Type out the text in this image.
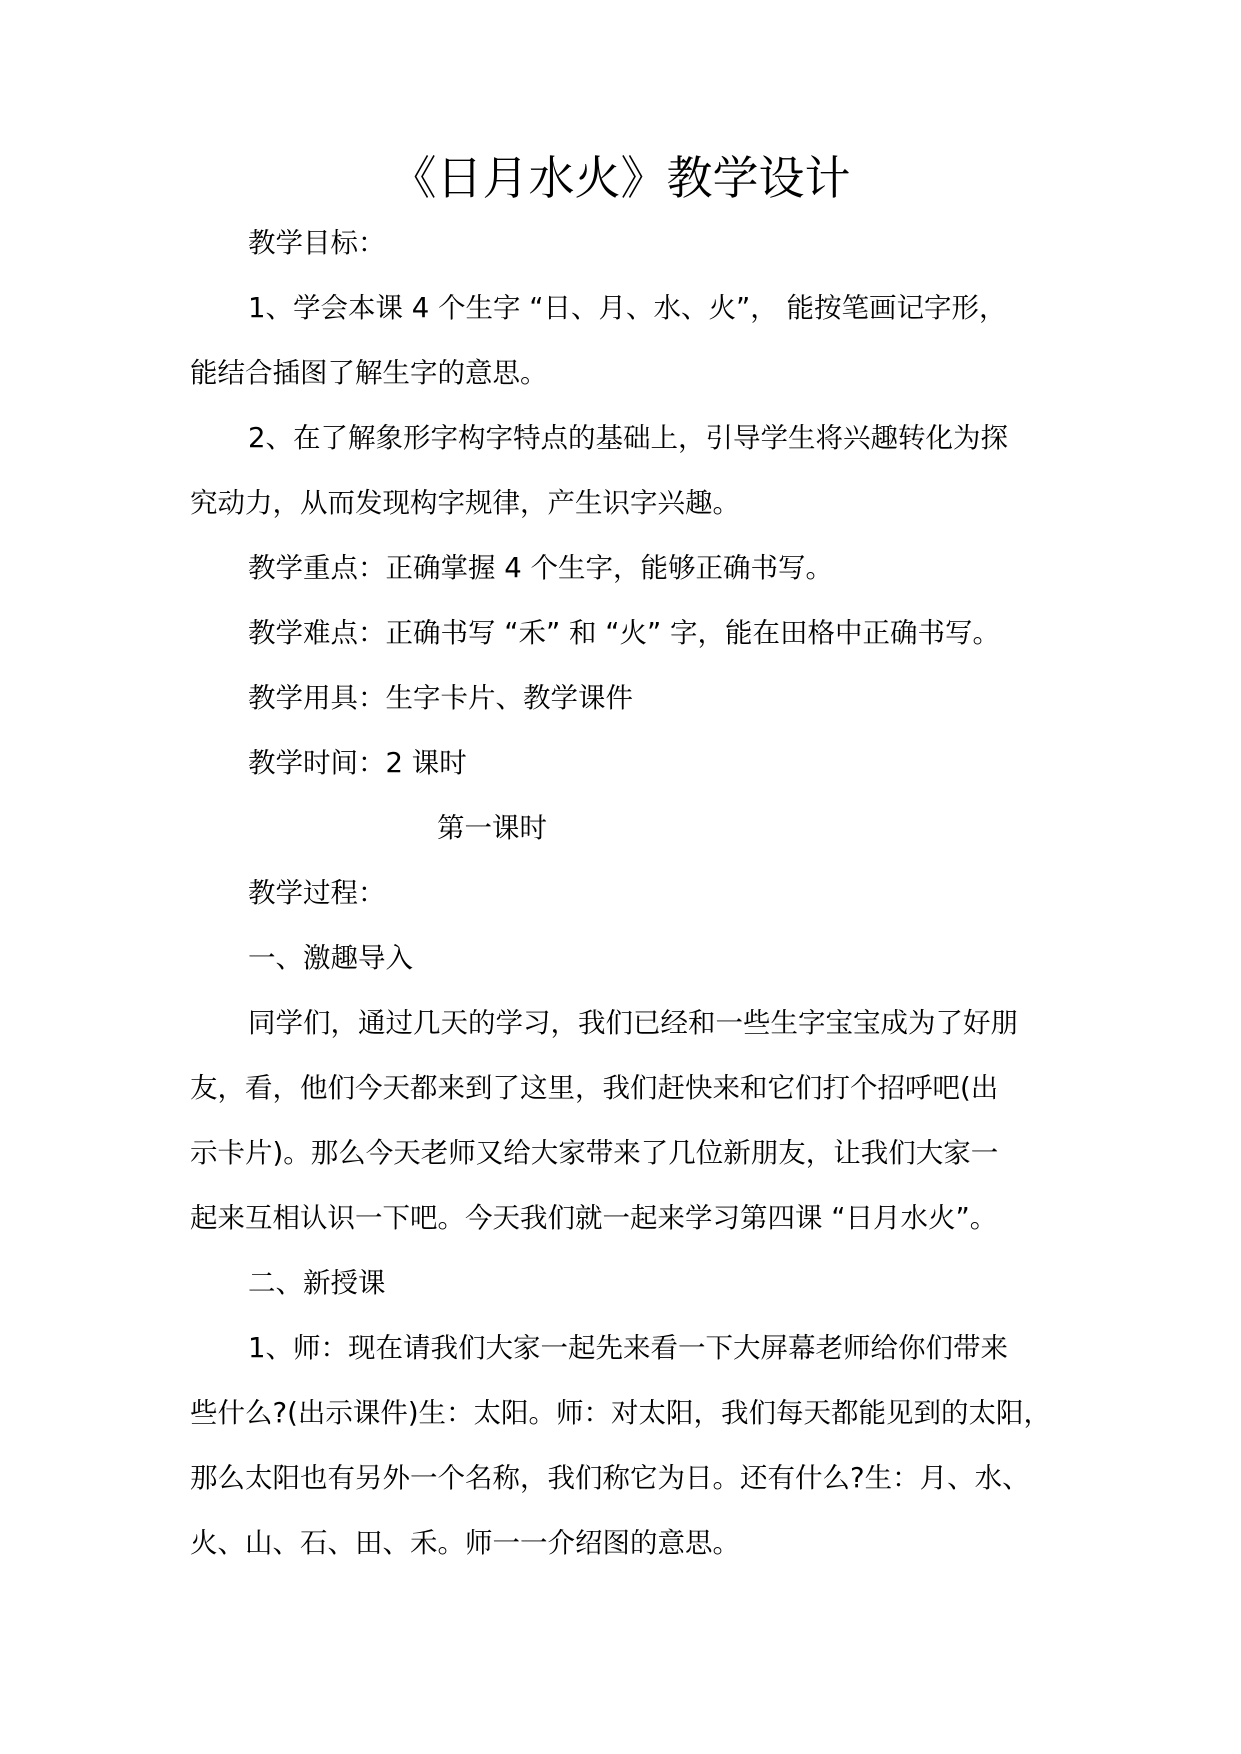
《日月水火》教学设计
教学目标：
1、学会本课 4 个生字 “日、月、水、火”， 能按笔画记字形，
能结合插图了解生字的意思。
2、在了解象形字构字特点的基础上，引导学生将兴趣转化为探
究动力，从而发现构字规律，产生识字兴趣。
教学重点：正确掌握 4 个生字，能够正确书写。
教学难点：正确书写 “禾” 和 “火” 字，能在田格中正确书写。
教学用具：生字卡片、教学课件
教学时间：2 课时
第一课时
教学过程：
一、激趣导入
同学们，通过几天的学习，我们已经和一些生字宝宝成为了好朋
友，看，他们今天都来到了这里，我们赶快来和它们打个招呼吧(出
示卡片)。那么今天老师又给大家带来了几位新朋友，让我们大家一
起来互相认识一下吧。今天我们就一起来学习第四课 “日月水火”。
二、新授课
1、师：现在请我们大家一起先来看一下大屏幕老师给你们带来
些什么?(出示课件)生：太阳。师：对太阳，我们每天都能见到的太阳，
那么太阳也有另外一个名称，我们称它为日。还有什么?生：月、水、
火、山、石、田、禾。师一一介绍图的意思。
